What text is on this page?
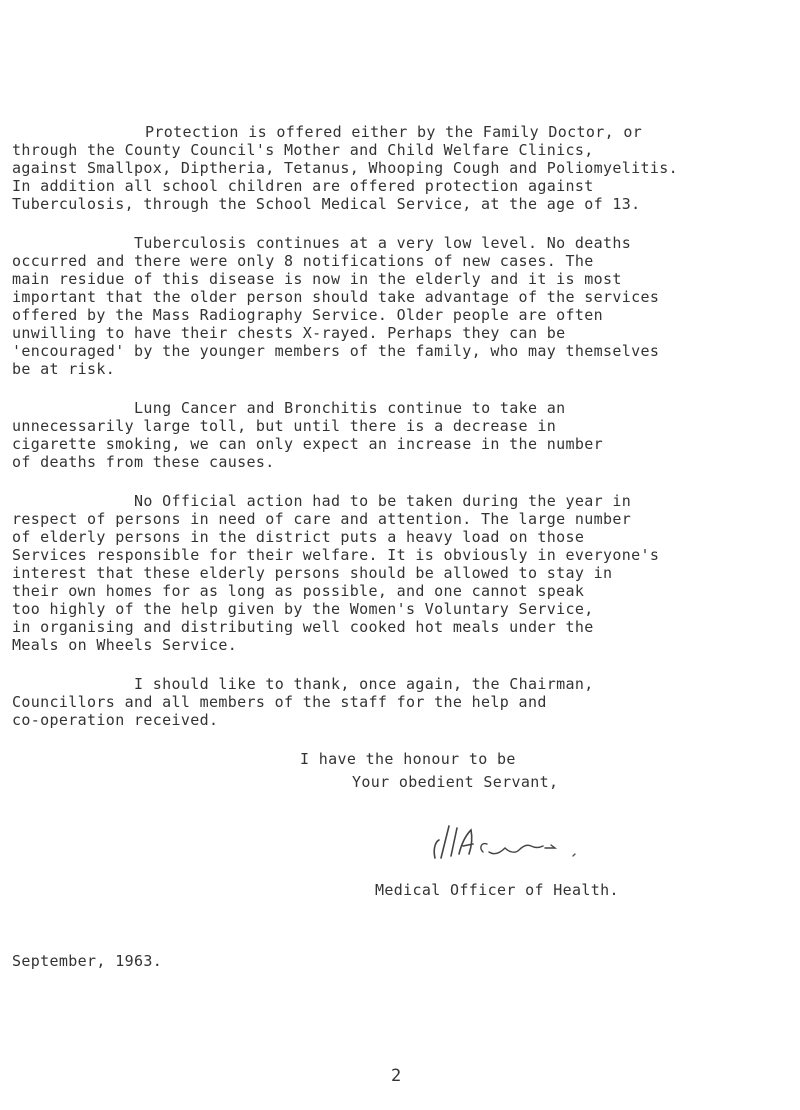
Protection is offered either by the Family Doctor, or
through the County Council's Mother and Child Welfare Clinics,
against Smallpox, Diptheria, Tetanus, Whooping Cough and Poliomyelitis.
In addition all school children are offered protection against
Tuberculosis, through the School Medical Service, at the age of 13.
Tuberculosis continues at a very low level. No deaths
occurred and there were only 8 notifications of new cases. The
main residue of this disease is now in the elderly and it is most
important that the older person should take advantage of the services
offered by the Mass Radiography Service. Older people are often
unwilling to have their chests X-rayed. Perhaps they can be
'encouraged' by the younger members of the family, who may themselves
be at risk.
Lung Cancer and Bronchitis continue to take an
unnecessarily large toll, but until there is a decrease in
cigarette smoking, we can only expect an increase in the number
of deaths from these causes.
No Official action had to be taken during the year in
respect of persons in need of care and attention. The large number
of elderly persons in the district puts a heavy load on those
Services responsible for their welfare. It is obviously in everyone's
interest that these elderly persons should be allowed to stay in
their own homes for as long as possible, and one cannot speak
too highly of the help given by the Women's Voluntary Service,
in organising and distributing well cooked hot meals under the
Meals on Wheels Service.
I should like to thank, once again, the Chairman,
Councillors and all members of the staff for the help and
co-operation received.
I have the honour to be
Your obedient Servant,
Medical Officer of Health.
September, 1963.
2
